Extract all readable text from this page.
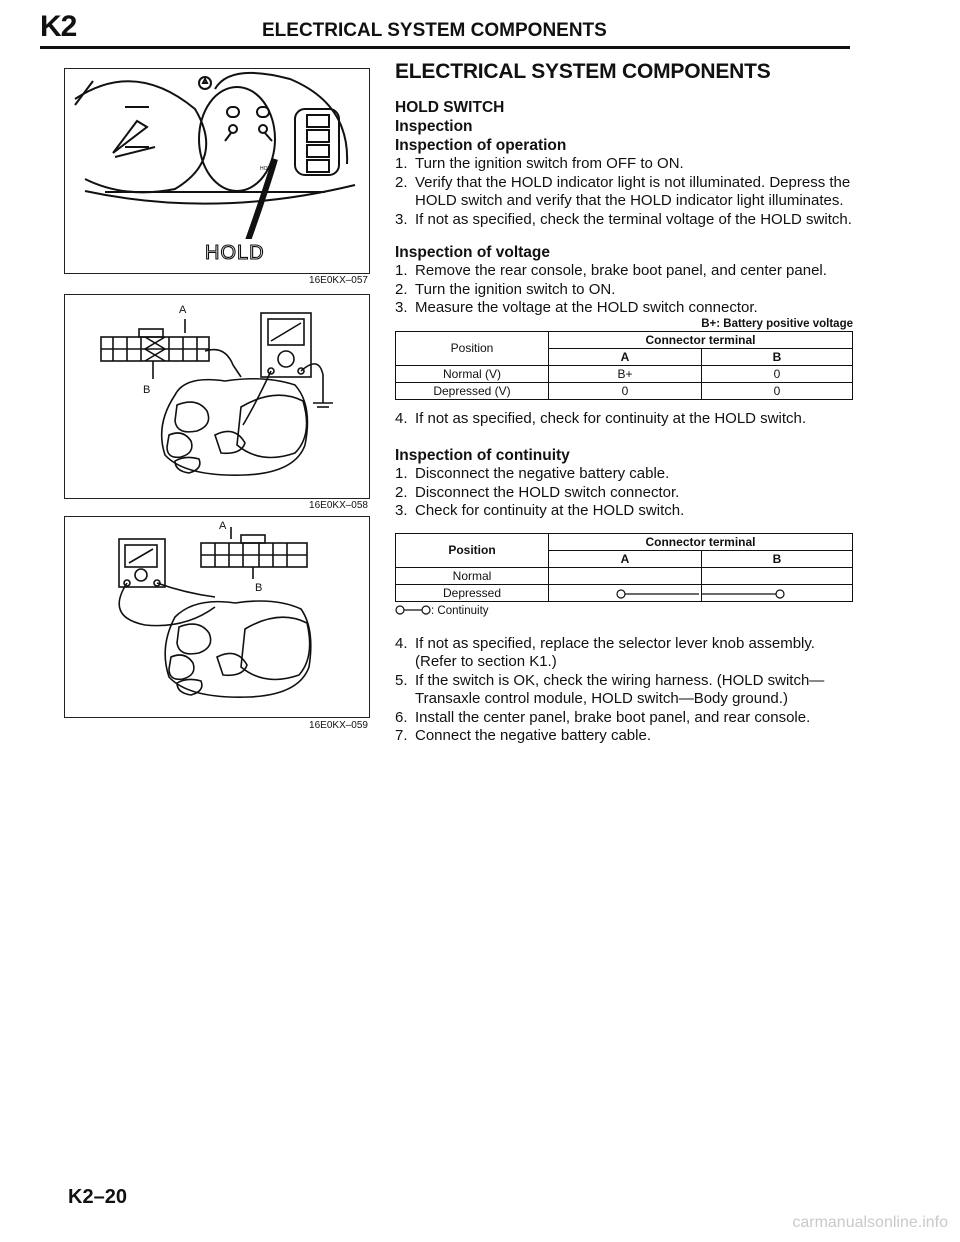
K2	ELECTRICAL SYSTEM COMPONENTS
HOLD
HOLD
16E0KX–057
A
B
16E0KX–058
A
B
16E0KX–059
ELECTRICAL SYSTEM COMPONENTS
HOLD SWITCH
Inspection
Inspection of operation
1. Turn the ignition switch from OFF to ON.
2. Verify that the HOLD indicator light is not illuminated. Depress the HOLD switch and verify that the HOLD indicator light illuminates.
3. If not as specified, check the terminal voltage of the HOLD switch.
Inspection of voltage
1. Remove the rear console, brake boot panel, and center panel.
2. Turn the ignition switch to ON.
3. Measure the voltage at the HOLD switch connector.
B+: Battery positive voltage
Position	Connector terminal	
	A	B
Normal (V)	B+	0
Depressed (V)	0	0
4. If not as specified, check for continuity at the HOLD switch.
Inspection of continuity
1. Disconnect the negative battery cable.
2. Disconnect the HOLD switch connector.
3. Check for continuity at the HOLD switch.
Position	Connector terminal	
	A	B
Normal		
Depressed	

: Continuity
4. If not as specified, replace the selector lever knob assembly. (Refer to section K1.)
5. If the switch is OK, check the wiring harness. (HOLD switch—Transaxle control module, HOLD switch—Body ground.)
6. Install the center panel, brake boot panel, and rear console.
7. Connect the negative battery cable.
K2–20
carmanualsonline.info
